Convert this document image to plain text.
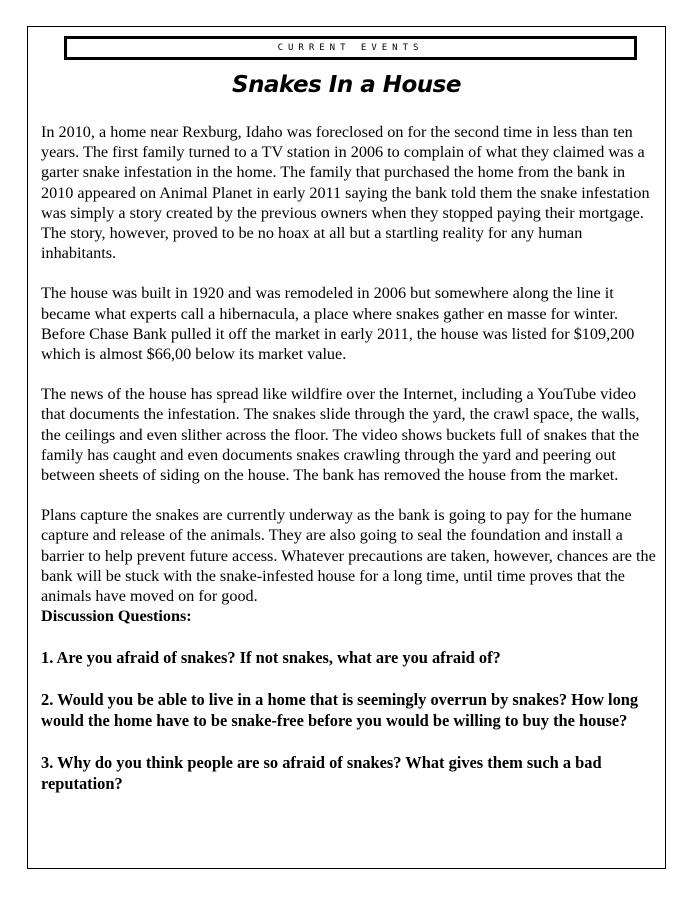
CURRENT EVENTS
Snakes In a House

In 2010, a home near Rexburg, Idaho was foreclosed on for the second time in less than ten years. The first family turned to a TV station in 2006 to complain of what they claimed was a garter snake infestation in the home. The family that purchased the home from the bank in 2010 appeared on Animal Planet in early 2011 saying the bank told them the snake infestation was simply a story created by the previous owners when they stopped paying their mortgage. The story, however, proved to be no hoax at all but a startling reality for any human inhabitants.

The house was built in 1920 and was remodeled in 2006 but somewhere along the line it became what experts call a hibernacula, a place where snakes gather en masse for winter. Before Chase Bank pulled it off the market in early 2011, the house was listed for $109,200 which is almost $66,00 below its market value.

The news of the house has spread like wildfire over the Internet, including a YouTube video that documents the infestation. The snakes slide through the yard, the crawl space, the walls, the ceilings and even slither across the floor. The video shows buckets full of snakes that the family has caught and even documents snakes crawling through the yard and peering out between sheets of siding on the house. The bank has removed the house from the market.

Plans capture the snakes are currently underway as the bank is going to pay for the humane capture and release of the animals. They are also going to seal the foundation and install a barrier to help prevent future access. Whatever precautions are taken, however, chances are the bank will be stuck with the snake-infested house for a long time, until time proves that the animals have moved on for good.

Discussion Questions:

1. Are you afraid of snakes? If not snakes, what are you afraid of?

2. Would you be able to live in a home that is seemingly overrun by snakes? How long would the home have to be snake-free before you would be willing to buy the house?

3. Why do you think people are so afraid of snakes? What gives them such a bad reputation?
